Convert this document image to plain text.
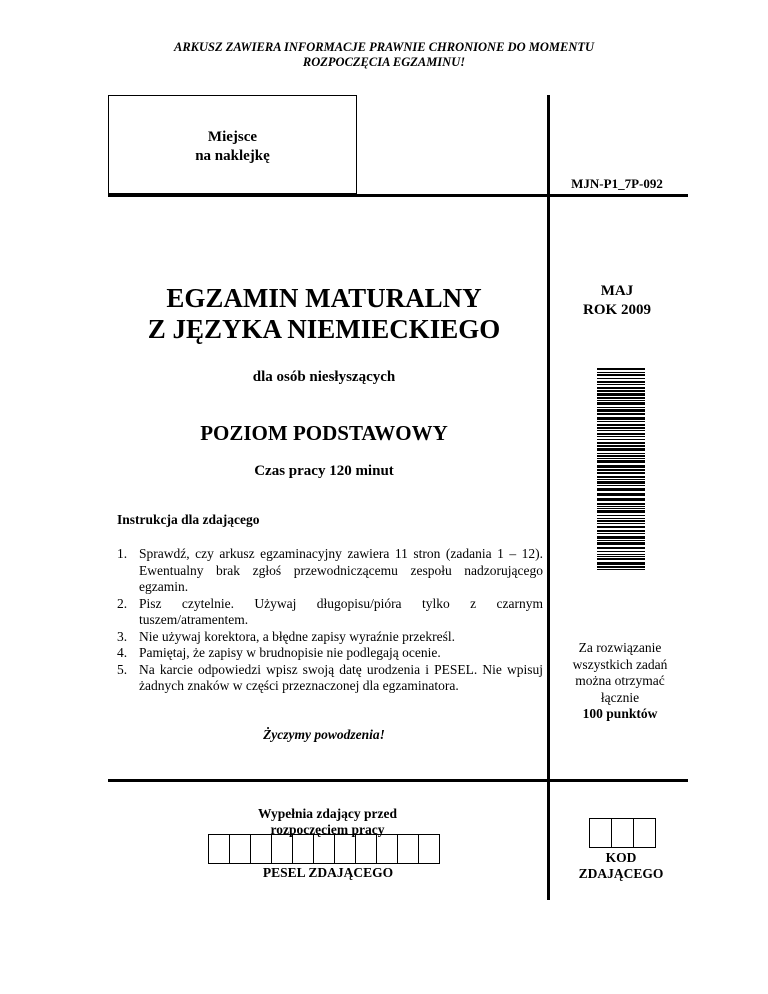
ARKUSZ ZAWIERA INFORMACJE PRAWNIE CHRONIONE DO MOMENTU
ROZPOCZĘCIA EGZAMINU!
Miejsce
na naklejkę
MJN-P1_7P-092
EGZAMIN MATURALNY
Z JĘZYKA NIEMIECKIEGO
MAJ
ROK 2009
dla osób niesłyszących
POZIOM PODSTAWOWY
Czas pracy 120 minut
Instrukcja dla zdającego
1. Sprawdź, czy arkusz egzaminacyjny zawiera 11 stron (zadania 1 – 12). Ewentualny brak zgłoś przewodniczącemu zespołu nadzorującego egzamin.
2. Pisz czytelnie. Używaj długopisu/pióra tylko z czarnym tuszem/atramentem.
3. Nie używaj korektora, a błędne zapisy wyraźnie przekreśl.
4. Pamiętaj, że zapisy w brudnopisie nie podlegają ocenie.
5. Na karcie odpowiedzi wpisz swoją datę urodzenia i PESEL. Nie wpisuj żadnych znaków w części przeznaczonej dla egzaminatora.
Za rozwiązanie
wszystkich zadań
można otrzymać
łącznie
100 punktów
Życzymy powodzenia!
Wypełnia zdający przed
rozpoczęciem pracy
PESEL ZDAJĄCEGO
KOD
ZDAJĄCEGO
